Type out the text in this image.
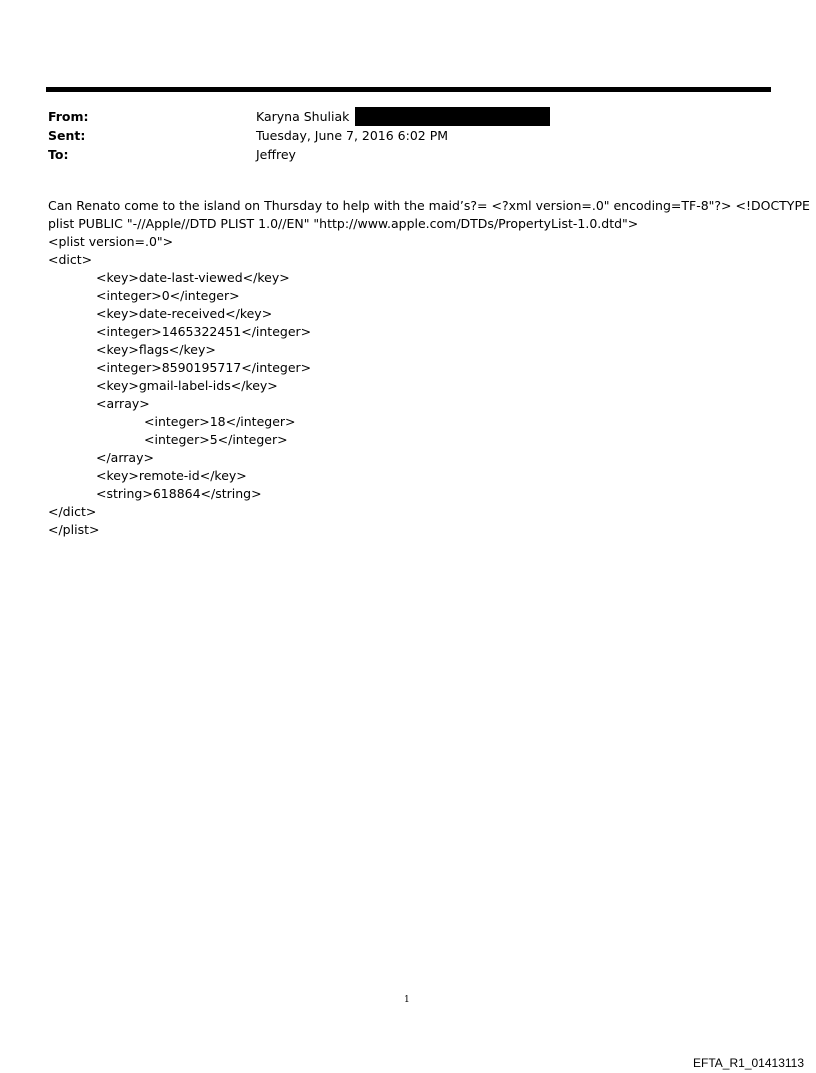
From:	Karyna Shuliak
Sent:	Tuesday, June 7, 2016 6:02 PM
To:	Jeffrey
Can Renato come to the island on Thursday to help with the maid’s?= <?xml version=.0" encoding=TF-8"?> <!DOCTYPE
plist PUBLIC "-//Apple//DTD PLIST 1.0//EN" "http://www.apple.com/DTDs/PropertyList-1.0.dtd">
<plist version=.0">
<dict>
<key>date-last-viewed</key>
<integer>0</integer>
<key>date-received</key>
<integer>1465322451</integer>
<key>flags</key>
<integer>8590195717</integer>
<key>gmail-label-ids</key>
<array>
<integer>18</integer>
<integer>5</integer>
</array>
<key>remote-id</key>
<string>618864</string>
</dict>
</plist>
1
EFTA_R1_01413113
